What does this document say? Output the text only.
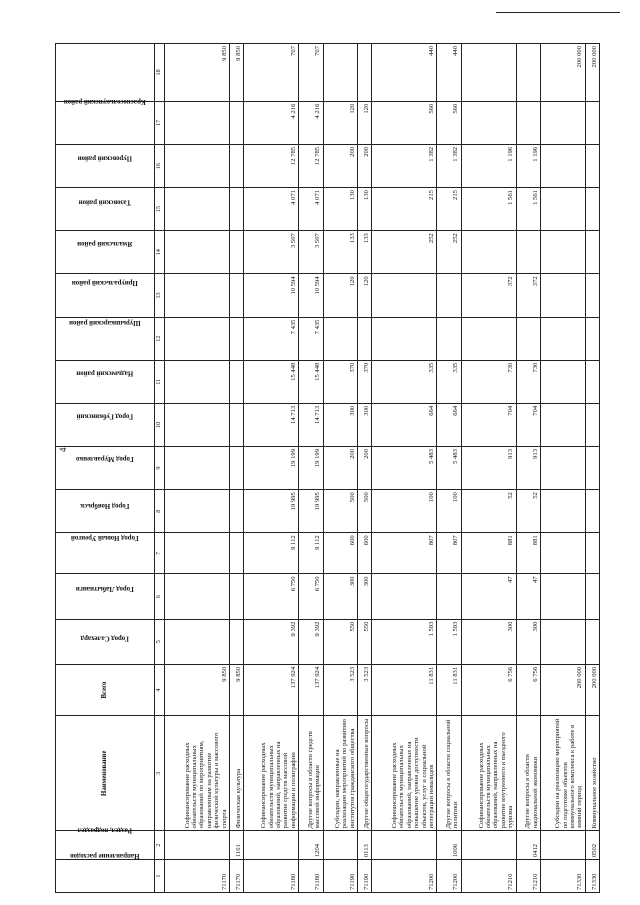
4
Направление расходов	Раздел, подраздел	Наименование	Всего	Город Салехард	Город Лабытнанги	Город Новый Уренгой	Город Ноябрьск	Город Муравленко	Город Губкинский	Надымский район	Шурышкарский район	Приуральский район	Ямальский район	Тазовский район	Пуровский район	Красноселькупский район	
1	2	3	4	5	6	7	8	9	10	11	12	13	14	15	16	17	18
71170		Софинансирование расходных обязательств муниципальных образований по мероприятиям, направленным на развитие физической культуры и массового спорта	9 850														9 850
71170	1101	Физическая культура	9 850														9 850
71180		Софинансирование расходных обязательств муниципальных образований, направленных на развитие средств массовой информации и полиграфии	137 924	9 392	6 750	9 112	19 995	19 199	14 713	15 448	7 435	10 594	3 507	4 071	12 785	4 216	707
71180	1204	Другие вопросы в области средств массовой информации	137 924	9 392	6 750	9 112	19 995	19 199	14 713	15 448	7 435	10 594	3 507	4 071	12 785	4 216	707
71190		Субсидии, направленные на реализацию мероприятий по развитию институтов гражданского общества	3 523	550	300	600	500	200	300	370		120	133	130	200	120	
71190	0113	Другие общегосударственные вопросы	3 523	550	300	600	500	200	300	370		120	133	130	200	120	
71200		Софинансирование расходных обязательств муниципальных образований, направленных на повышение уровня доступности объектов, услуг и социальной интеграции инвалидов	11 831	1 593		807	100	5 483	664	335			252	215	1 382	560	440
71200	1006	Другие вопросы в области социальной политики	11 831	1 593		807	100	5 483	664	335			252	215	1 382	560	440
71210		Софинансирование расходных обязательств муниципальных образований, направленных на развитие внутреннего и въездного туризма	6 756	300	47	881	52	913	704	730		372		1 561	1 196		
71210	0412	Другие вопросы в области национальной экономики	6 756	300	47	881	52	913	704	730		372		1 561	1 196		
71330		Субсидии на реализацию мероприятий по подготовке объектов коммунального комплекса к работе в зимний период	200 000														200 000
71330	0502	Коммунальное хозяйство	200 000														200 000
